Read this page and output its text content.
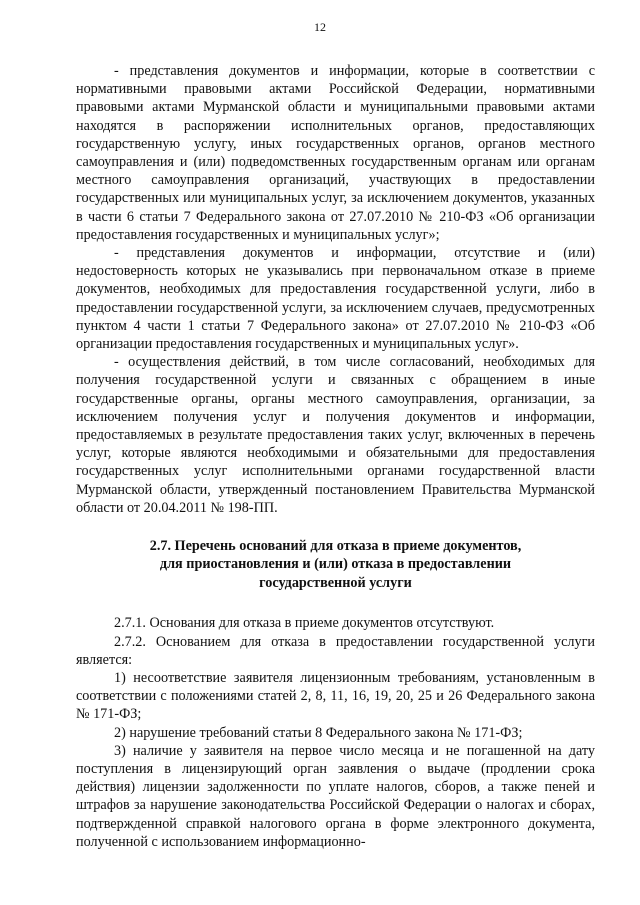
12

- представления документов и информации, которые в соответствии с нормативными правовыми актами Российской Федерации, нормативными правовыми актами Мурманской области и муниципальными правовыми актами находятся в распоряжении исполнительных органов, предоставляющих государственную услугу, иных государственных органов, органов местного самоуправления и (или) подведомственных государственным органам или органам местного самоуправления организаций, участвующих в предоставлении государственных или муниципальных услуг, за исключением документов, указанных в части 6 статьи 7 Федерального закона от 27.07.2010 № 210-ФЗ «Об организации предоставления государственных и муниципальных услуг»;

- представления документов и информации, отсутствие и (или) недостоверность которых не указывались при первоначальном отказе в приеме документов, необходимых для предоставления государственной услуги, либо в предоставлении государственной услуги, за исключением случаев, предусмотренных пунктом 4 части 1 статьи 7 Федерального закона» от 27.07.2010 № 210-ФЗ «Об организации предоставления государственных и муниципальных услуг».

- осуществления действий, в том числе согласований, необходимых для получения государственной услуги и связанных с обращением в иные государственные органы, органы местного самоуправления, организации, за исключением получения услуг и получения документов и информации, предоставляемых в результате предоставления таких услуг, включенных в перечень услуг, которые являются необходимыми и обязательными для предоставления государственных услуг исполнительными органами государственной власти Мурманской области, утвержденный постановлением Правительства Мурманской области от 20.04.2011 № 198-ПП.

2.7. Перечень оснований для отказа в приеме документов,

для приостановления и (или) отказа в предоставлении

государственной услуги

2.7.1. Основания для отказа в приеме документов отсутствуют.

2.7.2. Основанием для отказа в предоставлении государственной услуги является:

1) несоответствие заявителя лицензионным требованиям, установленным в соответствии с положениями статей 2, 8, 11, 16, 19, 20, 25 и 26 Федерального закона № 171-ФЗ;

2) нарушение требований статьи 8 Федерального закона № 171-ФЗ;

3) наличие у заявителя на первое число месяца и не погашенной на дату поступления в лицензирующий орган заявления о выдаче (продлении срока действия) лицензии задолженности по уплате налогов, сборов, а также пеней и штрафов за нарушение законодательства Российской Федерации о налогах и сборах, подтвержденной справкой налогового органа в форме электронного документа, полученной с использованием информационно-
